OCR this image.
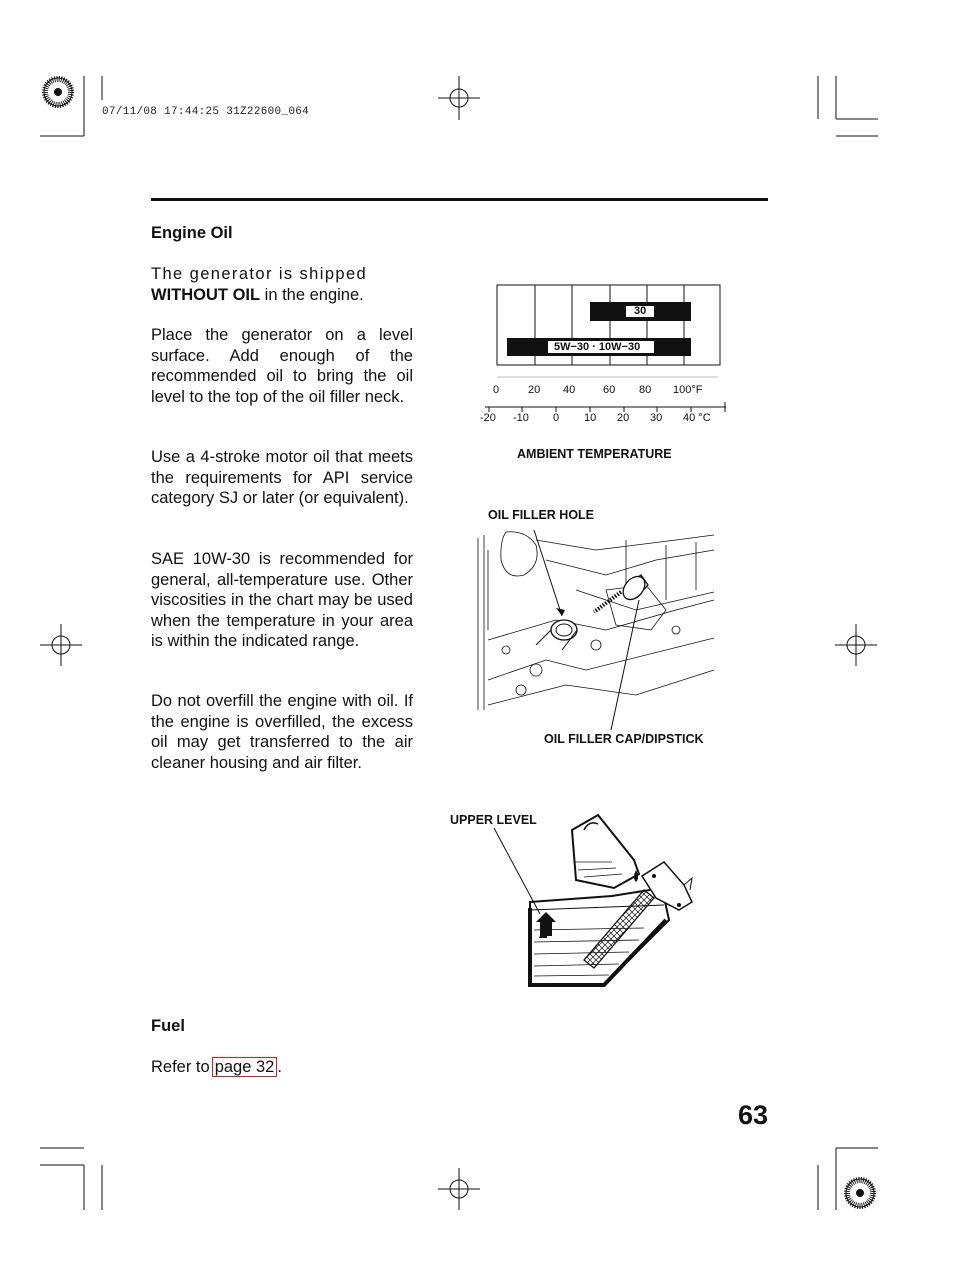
07/11/08 17:44:25 31Z22600_064
Engine Oil
The generator is shipped
WITHOUT OIL in the engine.
Place the generator on a level surface. Add enough of the recommended oil to bring the oil level to the top of the oil filler neck.
Use a 4-stroke motor oil that meets the requirements for API service category SJ or later (or equivalent).
SAE 10W-30 is recommended for general, all-temperature use. Other viscosities in the chart may be used when the temperature in your area is within the indicated range.
Do not overfill the engine with oil. If the engine is overfilled, the excess oil may get transferred to the air cleaner housing and air filter.
Fuel
Refer to page 32 .
30
5W−30 · 10W−30
0	20 40	60 80 100°F
-20 -10 0 10 20 30 40 °C
AMBIENT TEMPERATURE
OIL FILLER HOLE
OIL FILLER CAP/DIPSTICK
UPPER LEVEL
63
